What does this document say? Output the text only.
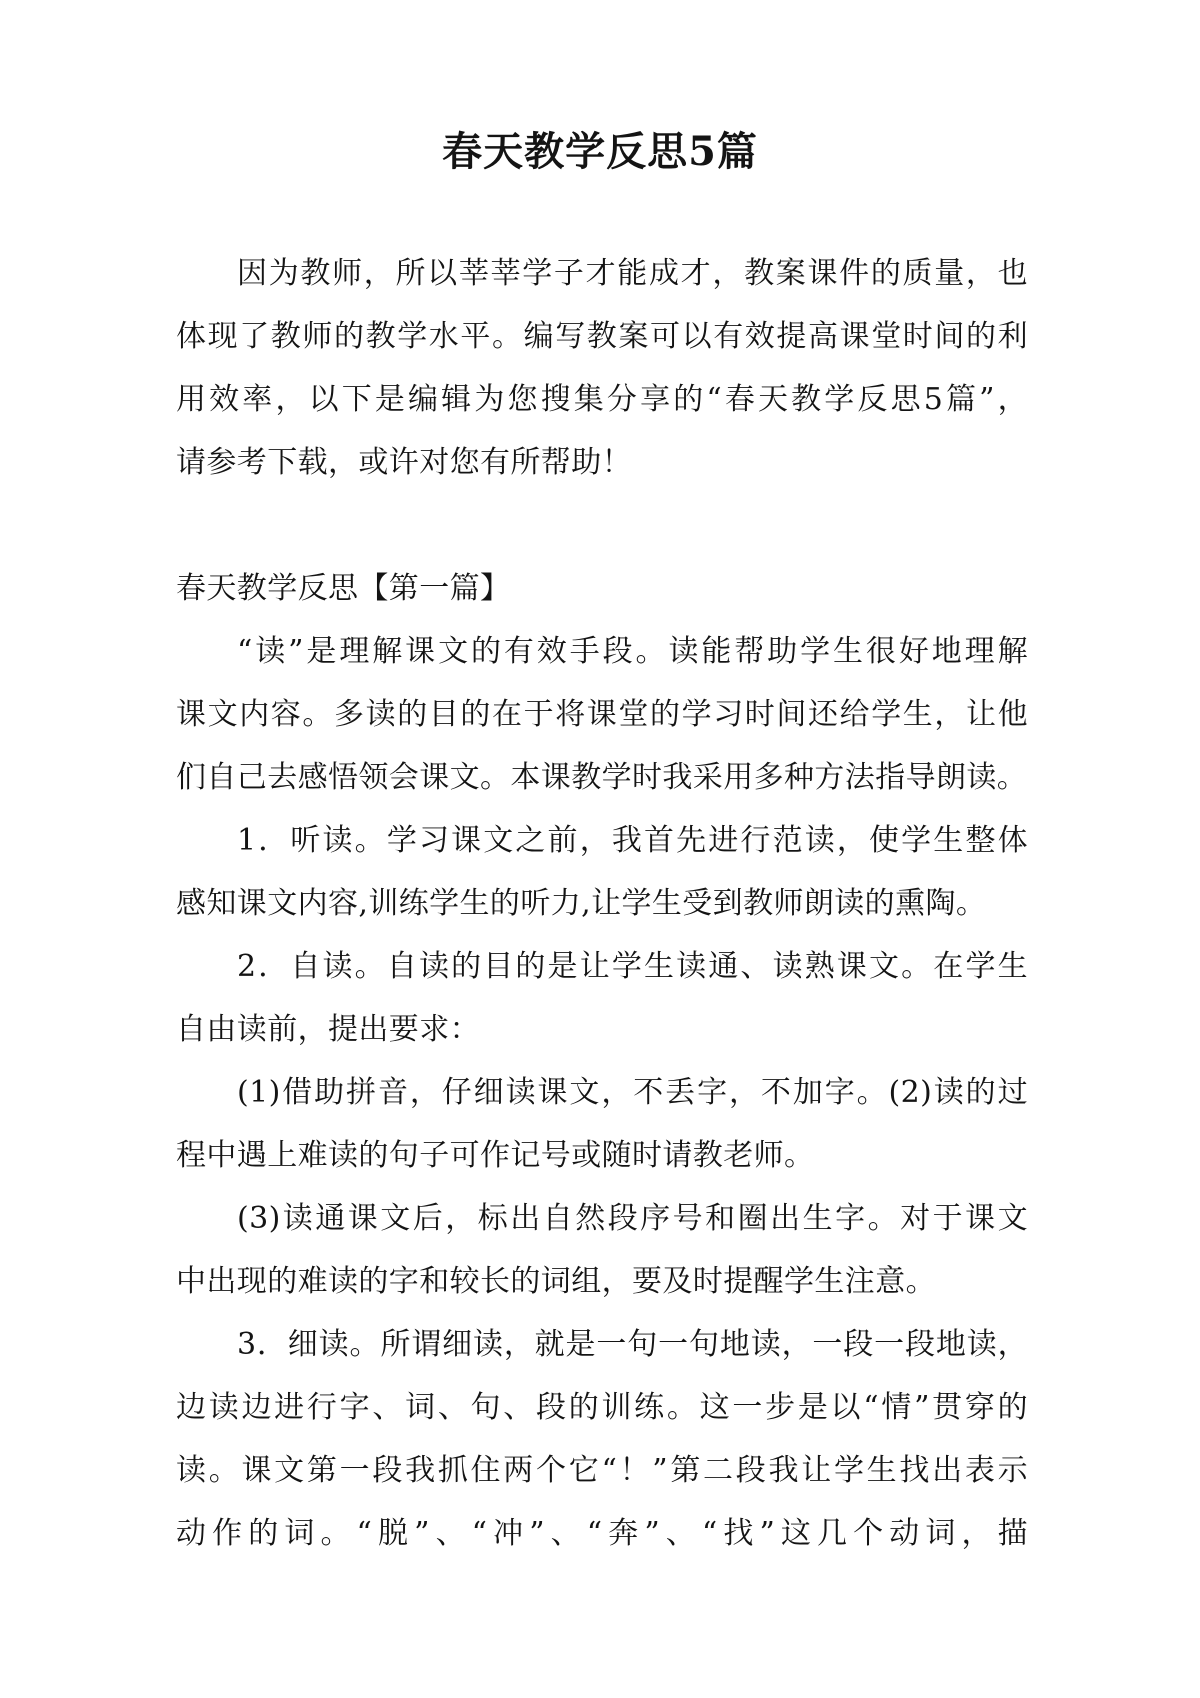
春天教学反思5篇
因为教师，所以莘莘学子才能成才，教案课件的质量，也
体现了教师的教学水平。编写教案可以有效提高课堂时间的利
用效率，以下是编辑为您搜集分享的“春天教学反思5篇”，
请参考下载，或许对您有所帮助！
春天教学反思【第一篇】
“读”是理解课文的有效手段。读能帮助学生很好地理解
课文内容。多读的目的在于将课堂的学习时间还给学生，让他
们自己去感悟领会课文。本课教学时我采用多种方法指导朗读。
1．听读。学习课文之前，我首先进行范读，使学生整体
感知课文内容,训练学生的听力,让学生受到教师朗读的熏陶。
2．自读。自读的目的是让学生读通、读熟课文。在学生
自由读前，提出要求：
(1)借助拼音，仔细读课文，不丢字，不加字。(2)读的过
程中遇上难读的句子可作记号或随时请教老师。
(3)读通课文后，标出自然段序号和圈出生字。对于课文
中出现的难读的字和较长的词组，要及时提醒学生注意。
3．细读。所谓细读，就是一句一句地读，一段一段地读，
边读边进行字、词、句、段的训练。这一步是以“情”贯穿的
读。课文第一段我抓住两个它“！”第二段我让学生找出表示
动作的词。“脱”、“冲”、“奔”、“找”这几个动词，描
